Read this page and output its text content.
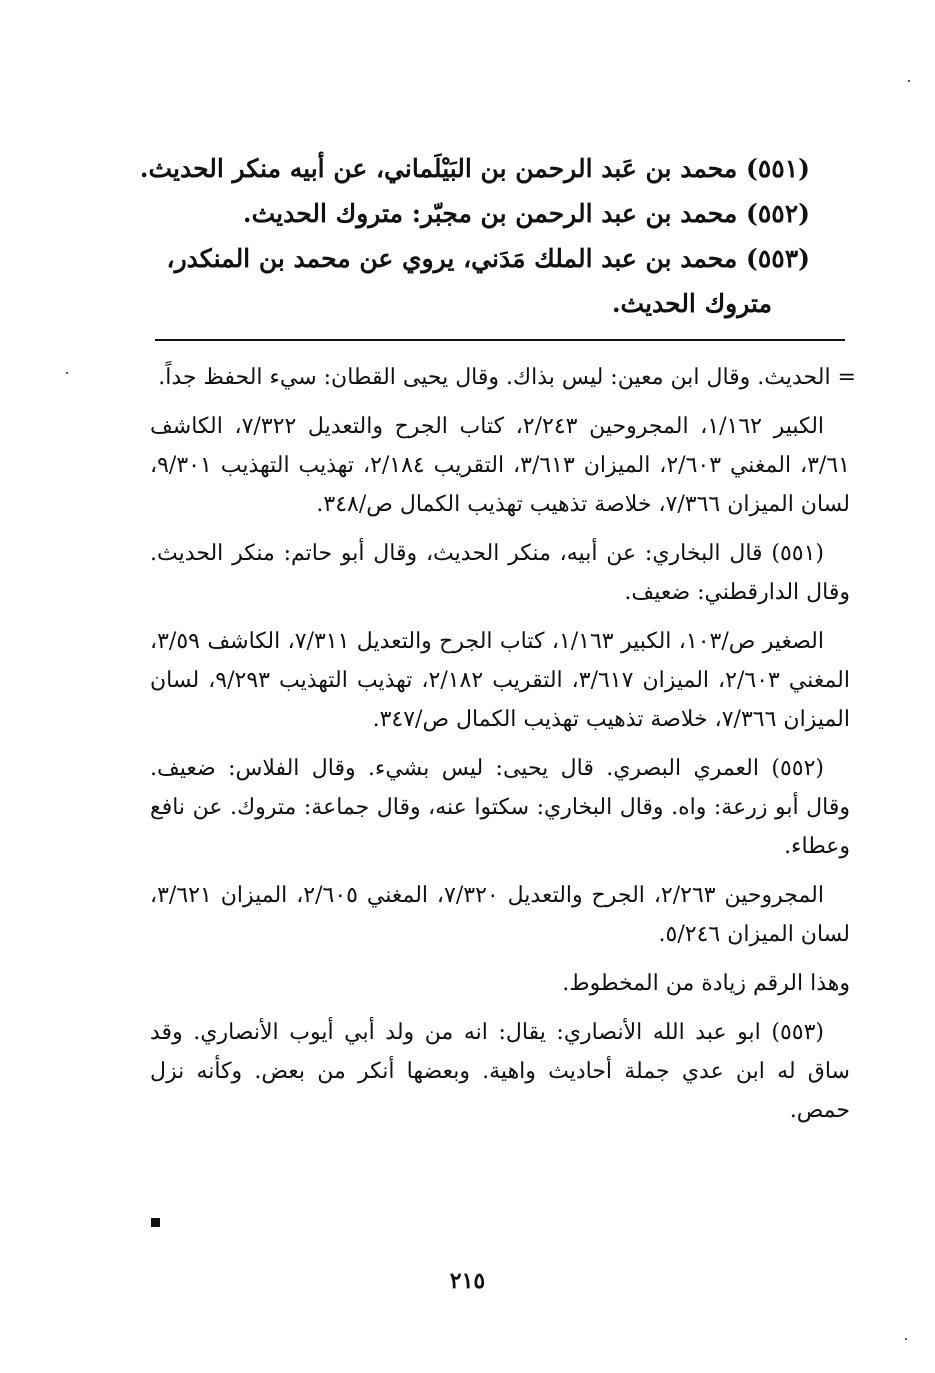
(٥٥١) محمد بن عَبد الرحمن بن البَيْلَماني، عن أبيه منكر الحديث.

(٥٥٢) محمد بن عبد الرحمن بن مجبّر: متروك الحديث.

(٥٥٣) محمد بن عبد الملك مَدَني، يروي عن محمد بن المنكدر،
متروك الحديث.

= الحديث. وقال ابن معين: ليس بذاك. وقال يحيى القطان: سيء الحفظ جداً.

الكبير ١/١٦٢، المجروحين ٢/٢٤٣، كتاب الجرح والتعديل ٧/٣٢٢، الكاشف ٣/٦١، المغني ٢/٦٠٣، الميزان ٣/٦١٣، التقريب ٢/١٨٤، تهذيب التهذيب ٩/٣٠١، لسان الميزان ٧/٣٦٦، خلاصة تذهيب تهذيب الكمال ص/٣٤٨.

(٥٥١) قال البخاري: عن أبيه، منكر الحديث، وقال أبو حاتم: منكر الحديث. وقال الدارقطني: ضعيف.

الصغير ص/١٠٣، الكبير ١/١٦٣، كتاب الجرح والتعديل ٧/٣١١، الكاشف ٣/٥٩، المغني ٢/٦٠٣، الميزان ٣/٦١٧، التقريب ٢/١٨٢، تهذيب التهذيب ٩/٢٩٣، لسان الميزان ٧/٣٦٦، خلاصة تذهيب تهذيب الكمال ص/٣٤٧.

(٥٥٢) العمري البصري. قال يحيى: ليس بشيء. وقال الفلاس: ضعيف. وقال أبو زرعة: واه. وقال البخاري: سكتوا عنه، وقال جماعة: متروك. عن نافع وعطاء.

المجروحين ٢/٢٦٣، الجرح والتعديل ٧/٣٢٠، المغني ٢/٦٠٥، الميزان ٣/٦٢١، لسان الميزان ٥/٢٤٦.

وهذا الرقم زيادة من المخطوط.

(٥٥٣) ابو عبد الله الأنصاري: يقال: انه من ولد أبي أيوب الأنصاري. وقد ساق له ابن عدي جملة أحاديث واهية. وبعضها أنكر من بعض. وكأنه نزل حمص.

٢١٥
